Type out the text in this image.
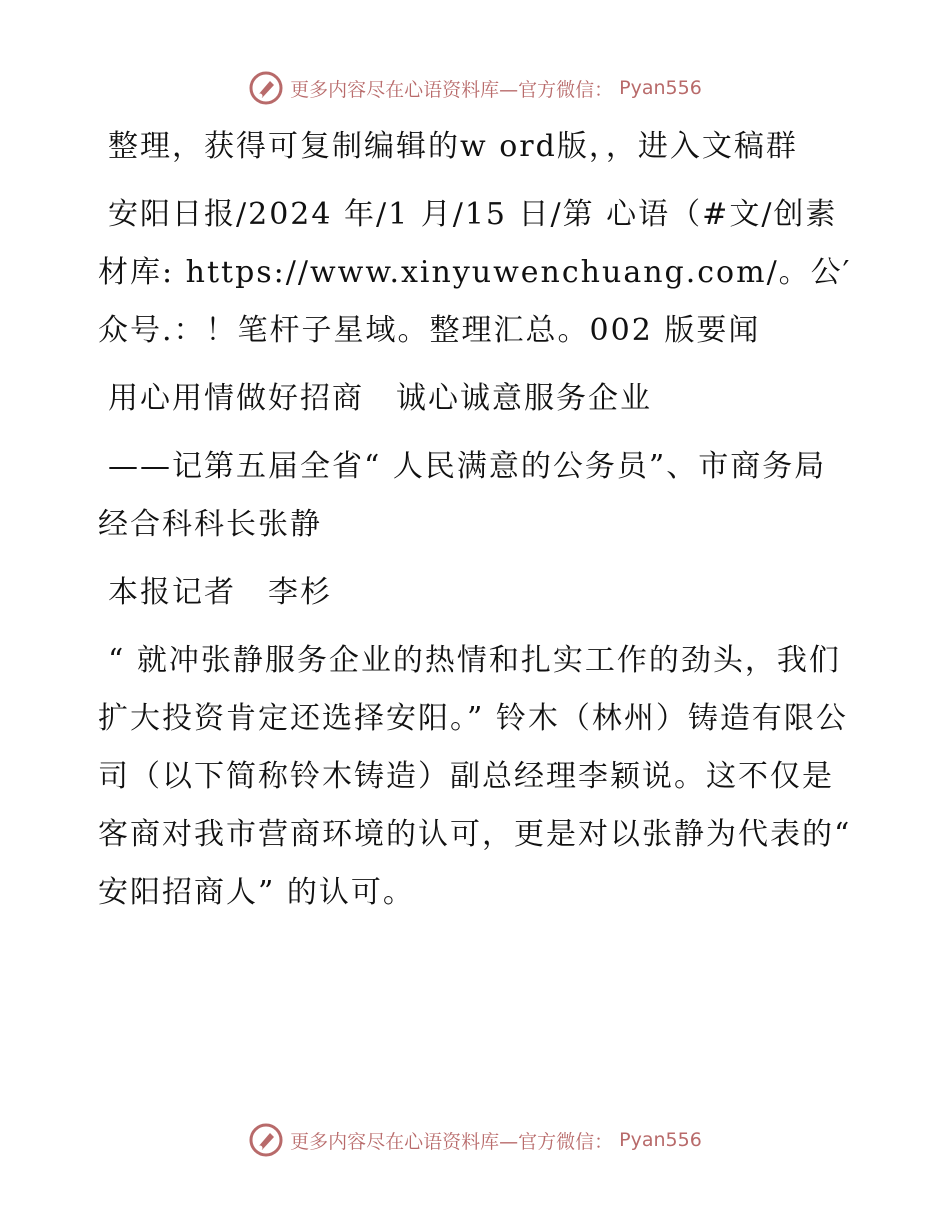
更多内容尽在心语资料库—官方微信： Pyan556

整理，获得可复制编辑的w ord版，，进入文稿群

安阳日报/2024 年/1 月/15 日/第 心语（#文/创素材库: https://www.xinyuwenchuang.com/。公′众号.：！笔杆子星域。整理汇总。002 版要闻

用心用情做好招商　诚心诚意服务企业

——记第五届全省“ 人民满意的公务员”、市商务局经合科科长张静

本报记者　李杉

“ 就冲张静服务企业的热情和扎实工作的劲头，我们扩大投资肯定还选择安阳。” 铃木（林州）铸造有限公司（以下简称铃木铸造）副总经理李颖说。这不仅是客商对我市营商环境的认可，更是对以张静为代表的“ 安阳招商人” 的认可。

更多内容尽在心语资料库—官方微信： Pyan556
